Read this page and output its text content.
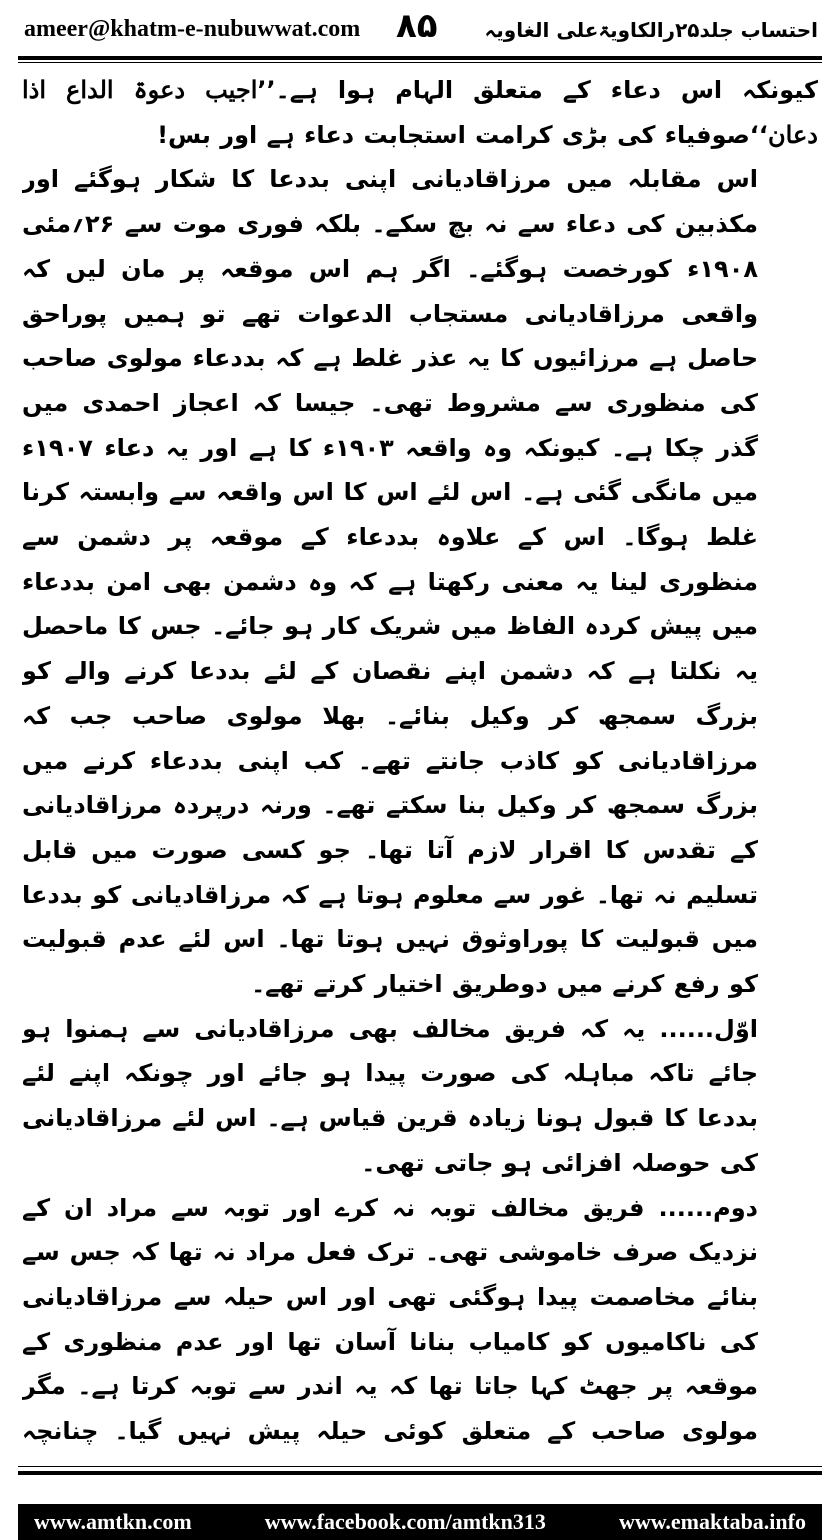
ameer@khatm-e-nubuwwat.com ۸۵ احتساب جلد۲۵رالکاویۃعلی الغاویہ

کیونکہ اس دعاء کے متعلق الہام ہوا ہے۔’’اجیب دعوۃ الداع اذا دعان‘‘صوفیاء کی بڑی کرامت استجابت دعاء ہے اور بس!

اس مقابلہ میں مرزاقادیانی اپنی بددعا کا شکار ہوگئے اور مکذبین کی دعاء سے نہ بچ سکے۔ بلکہ فوری موت سے ۲۶؍مئی ۱۹۰۸ء کورخصت ہوگئے۔ اگر ہم اس موقعہ پر مان لیں کہ واقعی مرزاقادیانی مستجاب الدعوات تھے تو ہمیں پوراحق حاصل ہے مرزائیوں کا یہ عذر غلط ہے کہ بددعاء مولوی صاحب کی منظوری سے مشروط تھی۔ جیسا کہ اعجاز احمدی میں گذر چکا ہے۔ کیونکہ وہ واقعہ ۱۹۰۳ء کا ہے اور یہ دعاء ۱۹۰۷ء میں مانگی گئی ہے۔ اس لئے اس کا اس واقعہ سے وابستہ کرنا غلط ہوگا۔ اس کے علاوہ بددعاء کے موقعہ پر دشمن سے منظوری لینا یہ معنی رکھتا ہے کہ وہ دشمن بھی امن بددعاء میں پیش کردہ الفاظ میں شریک کار ہو جائے۔ جس کا ماحصل یہ نکلتا ہے کہ دشمن اپنے نقصان کے لئے بددعا کرنے والے کو بزرگ سمجھ کر وکیل بنائے۔ بھلا مولوی صاحب جب کہ مرزاقادیانی کو کاذب جانتے تھے۔ کب اپنی بددعاء کرنے میں بزرگ سمجھ کر وکیل بنا سکتے تھے۔ ورنہ درپردہ مرزاقادیانی کے تقدس کا اقرار لازم آتا تھا۔ جو کسی صورت میں قابل تسلیم نہ تھا۔ غور سے معلوم ہوتا ہے کہ مرزاقادیانی کو بددعا میں قبولیت کا پوراوثوق نہیں ہوتا تھا۔ اس لئے عدم قبولیت کو رفع کرنے میں دوطریق اختیار کرتے تھے۔

اوّل...... یہ کہ فریق مخالف بھی مرزاقادیانی سے ہمنوا ہو جائے تاکہ مباہلہ کی صورت پیدا ہو جائے اور چونکہ اپنے لئے بددعا کا قبول ہونا زیادہ قرین قیاس ہے۔ اس لئے مرزاقادیانی کی حوصلہ افزائی ہو جاتی تھی۔

دوم...... فریق مخالف توبہ نہ کرے اور توبہ سے مراد ان کے نزدیک صرف خاموشی تھی۔ ترک فعل مراد نہ تھا کہ جس سے بنائے مخاصمت پیدا ہوگئی تھی اور اس حیلہ سے مرزاقادیانی کی ناکامیوں کو کامیاب بنانا آسان تھا اور عدم منظوری کے موقعہ پر جھٹ کہا جاتا تھا کہ یہ اندر سے توبہ کرتا ہے۔ مگر مولوی صاحب کے متعلق کوئی حیلہ پیش نہیں گیا۔ چنانچہ

www.amtkn.com	www.facebook.com/amtkn313	www.emaktaba.info
